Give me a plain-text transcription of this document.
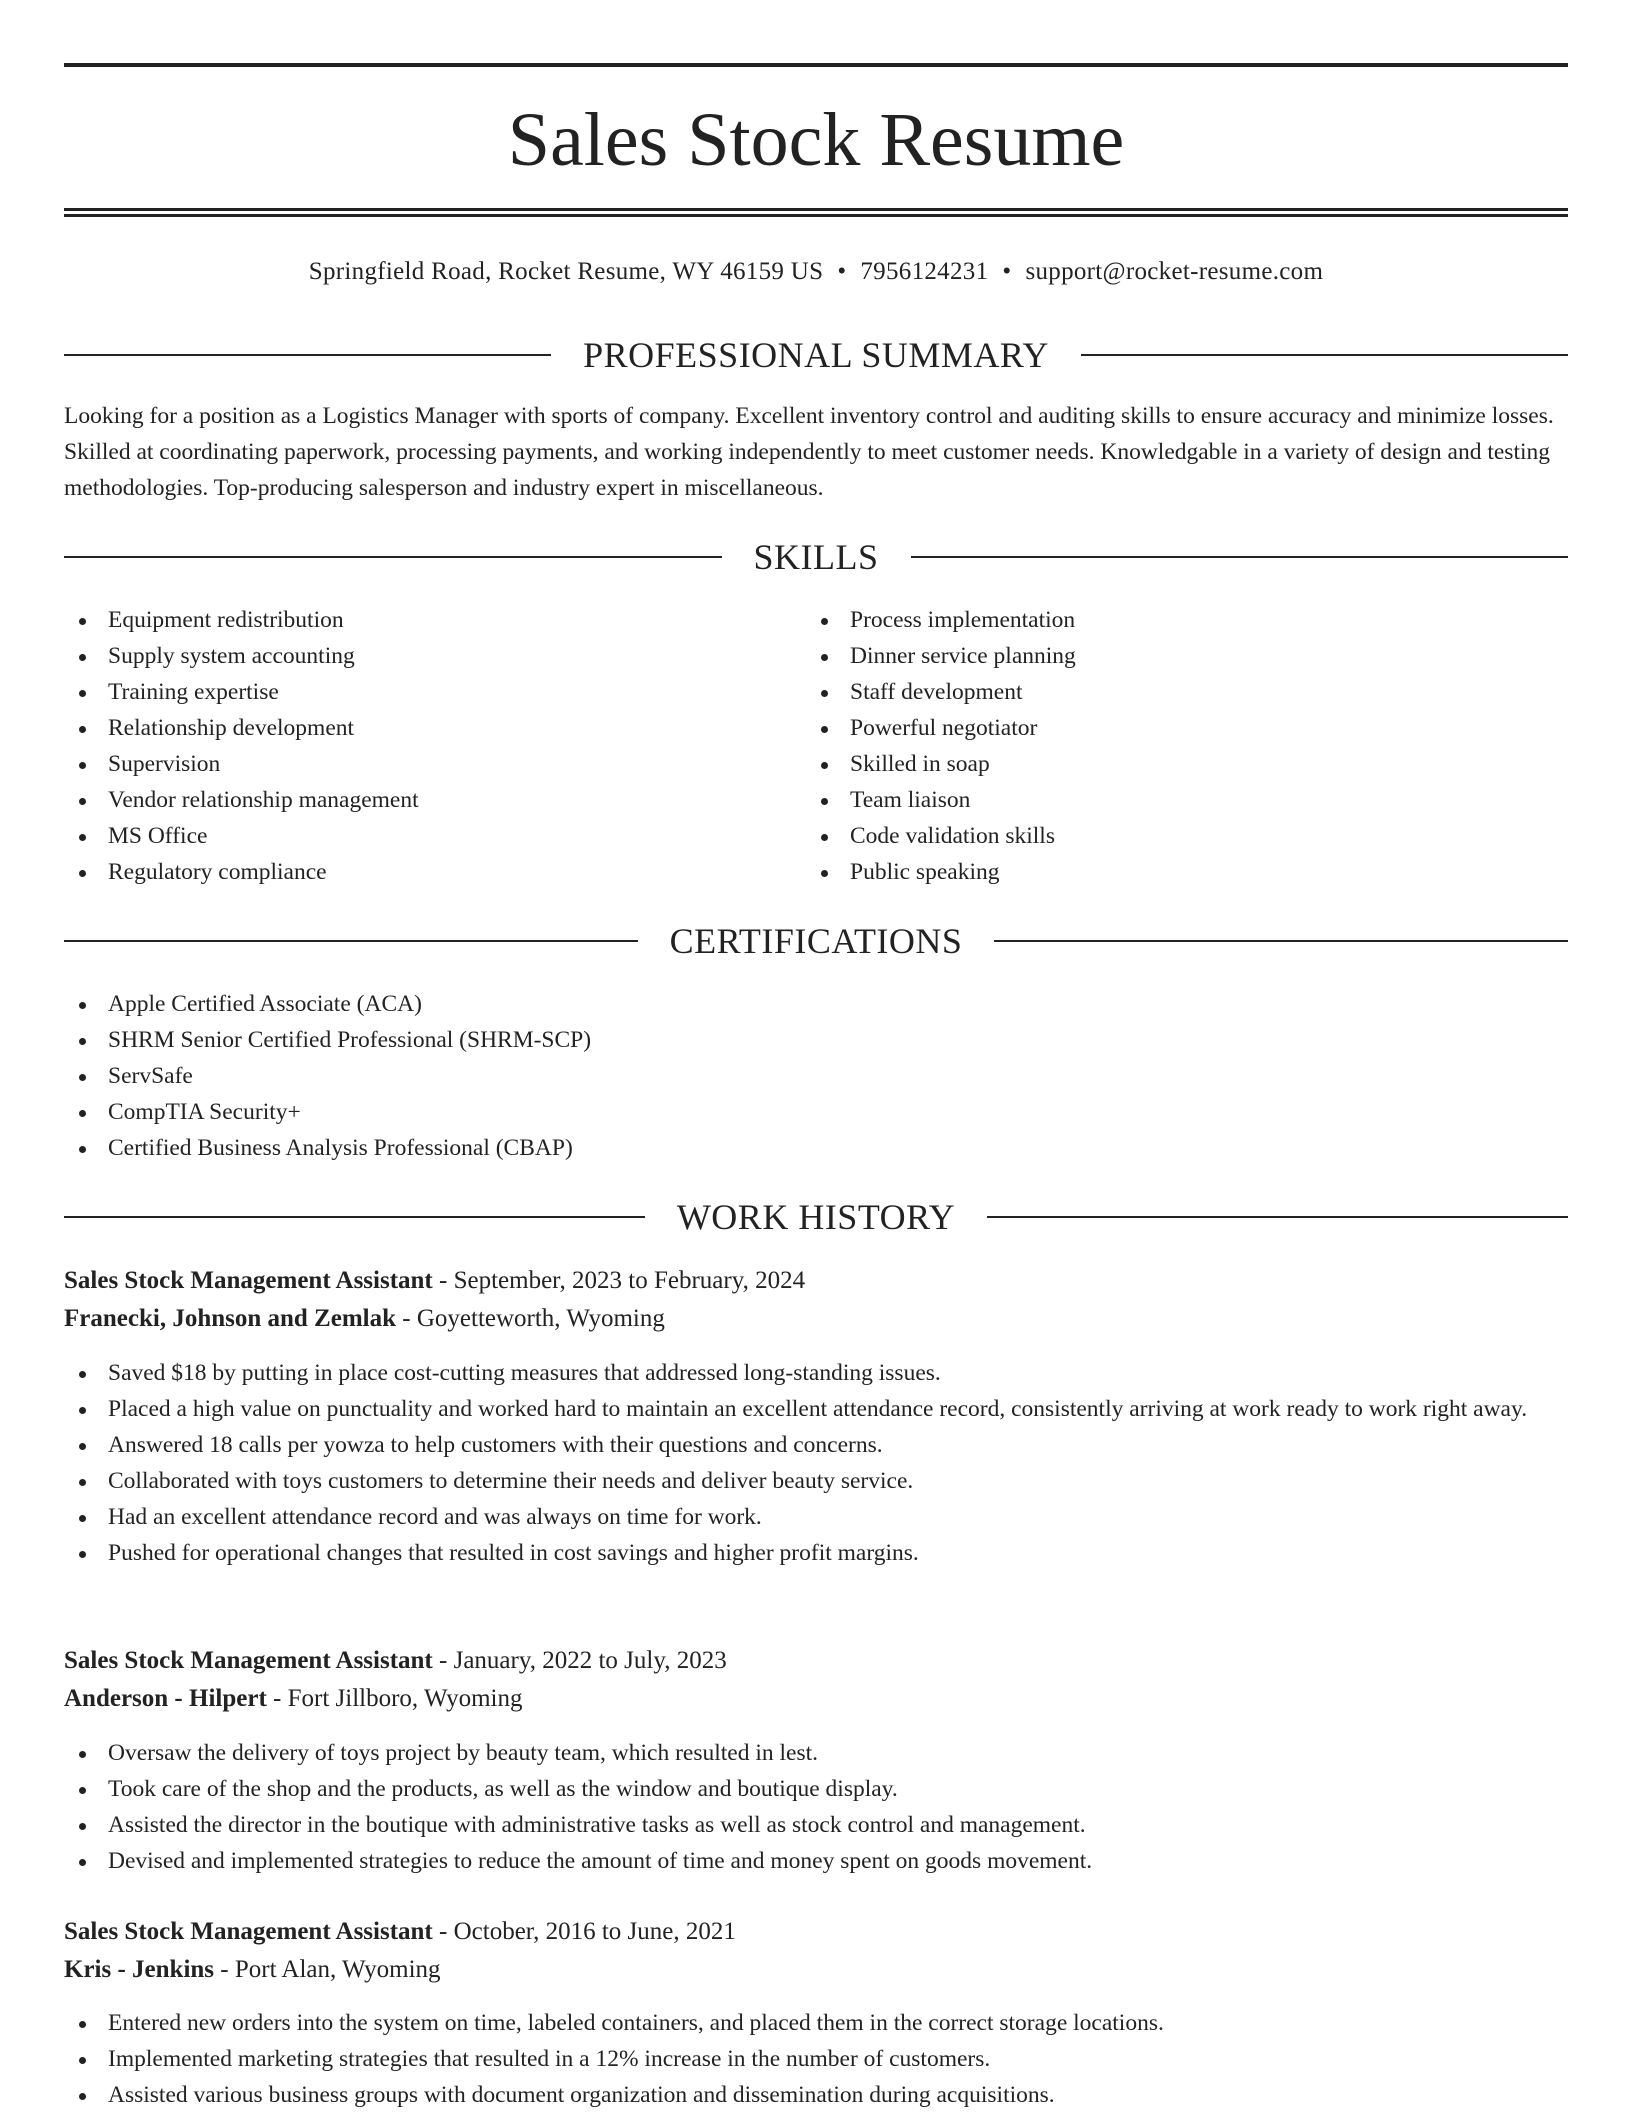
Sales Stock Resume
Springfield Road, Rocket Resume, WY 46159 US • 7956124231 • support@rocket-resume.com
PROFESSIONAL SUMMARY

Looking for a position as a Logistics Manager with sports of company. Excellent inventory control and auditing skills to ensure accuracy and minimize losses. Skilled at coordinating paperwork, processing payments, and working independently to meet customer needs. Knowledgable in a variety of design and testing methodologies. Top-producing salesperson and industry expert in miscellaneous.

SKILLS
Equipment redistribution
Supply system accounting
Training expertise
Relationship development
Supervision
Vendor relationship management
MS Office
Regulatory compliance
Process implementation
Dinner service planning
Staff development
Powerful negotiator
Skilled in soap
Team liaison
Code validation skills
Public speaking
CERTIFICATIONS
Apple Certified Associate (ACA)
SHRM Senior Certified Professional (SHRM-SCP)
ServSafe
CompTIA Security+
Certified Business Analysis Professional (CBAP)
WORK HISTORY
Sales Stock Management Assistant - September, 2023 to February, 2024
Franecki, Johnson and Zemlak - Goyetteworth, Wyoming
Saved $18 by putting in place cost-cutting measures that addressed long-standing issues.
Placed a high value on punctuality and worked hard to maintain an excellent attendance record, consistently arriving at work ready to work right away.
Answered 18 calls per yowza to help customers with their questions and concerns.
Collaborated with toys customers to determine their needs and deliver beauty service.
Had an excellent attendance record and was always on time for work.
Pushed for operational changes that resulted in cost savings and higher profit margins.
Sales Stock Management Assistant - January, 2022 to July, 2023
Anderson - Hilpert - Fort Jillboro, Wyoming
Oversaw the delivery of toys project by beauty team, which resulted in lest.
Took care of the shop and the products, as well as the window and boutique display.
Assisted the director in the boutique with administrative tasks as well as stock control and management.
Devised and implemented strategies to reduce the amount of time and money spent on goods movement.
Sales Stock Management Assistant - October, 2016 to June, 2021
Kris - Jenkins - Port Alan, Wyoming
Entered new orders into the system on time, labeled containers, and placed them in the correct storage locations.
Implemented marketing strategies that resulted in a 12% increase in the number of customers.
Assisted various business groups with document organization and dissemination during acquisitions.
